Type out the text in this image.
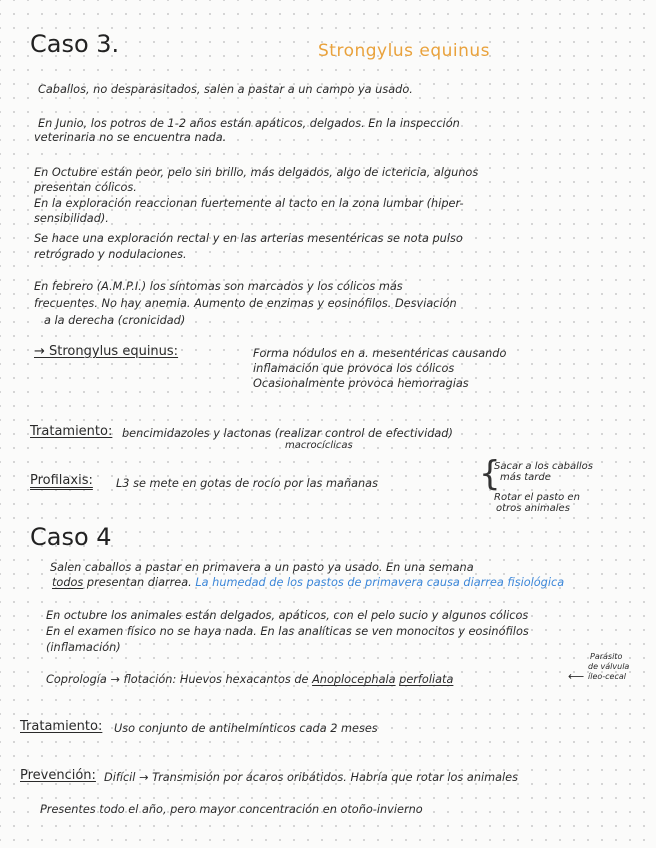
Caso 3.	Strongylus equinus
Caballos, no desparasitados, salen a pastar a un campo ya usado.
En Junio, los potros de 1-2 años están apáticos, delgados. En la inspección
veterinaria no se encuentra nada.
En Octubre están peor, pelo sin brillo, más delgados, algo de ictericia, algunos
presentan cólicos.
En la exploración reaccionan fuertemente al tacto en la zona lumbar (hiper-
sensibilidad).
Se hace una exploración rectal y en las arterias mesentéricas se nota pulso
retrógrado y nodulaciones.
En febrero (A.M.P.I.) los síntomas son marcados y los cólicos más
frecuentes. No hay anemia. Aumento de enzimas y eosinófilos. Desviación
a la derecha (cronicidad)
→ Strongylus equinus:	Forma nódulos en a. mesentéricas causando
inflamación que provoca los cólicos
Ocasionalmente provoca hemorragias
Tratamiento: bencimidazoles y lactonas (realizar control de efectividad)
macrocíclicas
Profilaxis: L3 se mete en gotas de rocío por las mañanas	{
Sacar a los caballos
más tarde
Rotar el pasto en
otros animales
Caso 4
Salen caballos a pastar en primavera a un pasto ya usado. En una semana
todos presentan diarrea. La humedad de los pastos de primavera causa diarrea fisiológica
En octubre los animales están delgados, apáticos, con el pelo sucio y algunos cólicos
En el examen físico no se haya nada. En las analíticas se ven monocitos y eosinófilos
(inflamación)
Coprología → flotación: Huevos hexacantos de Anoplocephala perfoliata	⟵
Parásito
de válvula
íleo-cecal
Tratamiento: Uso conjunto de antihelmínticos cada 2 meses
Prevención: Difícil → Transmisión por ácaros oribátidos. Habría que rotar los animales
Presentes todo el año, pero mayor concentración en otoño-invierno
